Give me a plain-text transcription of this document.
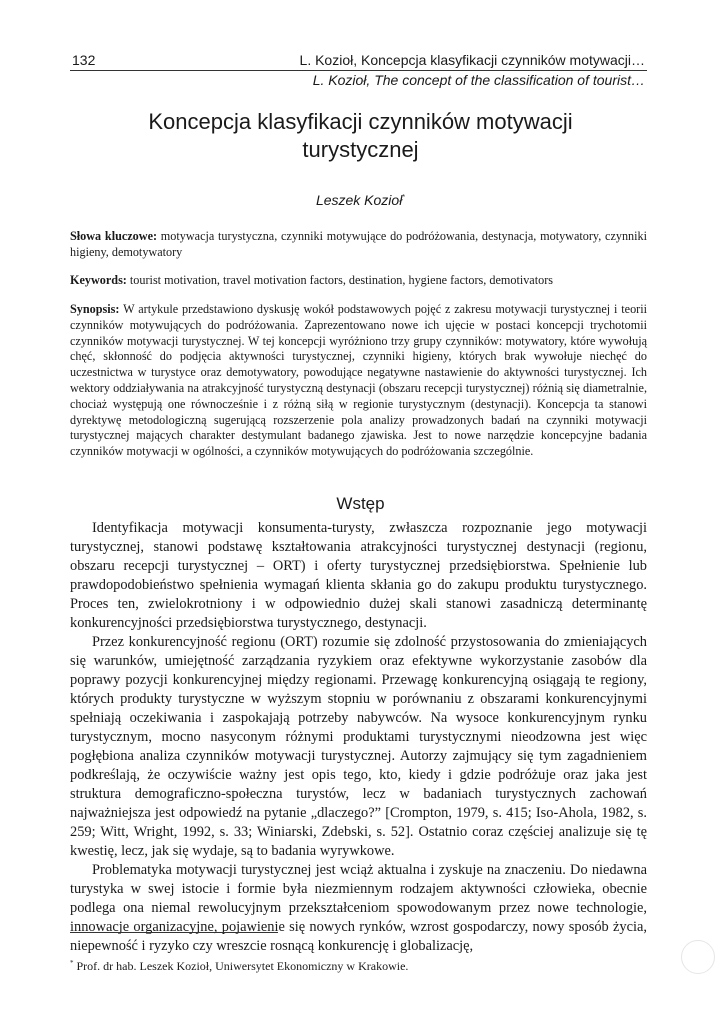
132	L. Kozioł, Koncepcja klasyfikacji czynników motywacji…
L. Kozioł, The concept of the classification of tourist…
Koncepcja klasyfikacji czynników motywacji
turystycznej
Leszek Kozioł*
Słowa kluczowe: motywacja turystyczna, czynniki motywujące do podróżowania, destynacja, motywatory, czynniki higieny, demotywatory
Keywords: tourist motivation, travel motivation factors, destination, hygiene factors, demotivators
Synopsis: W artykule przedstawiono dyskusję wokół podstawowych pojęć z zakresu motywacji turystycznej i teorii czynników motywujących do podróżowania. Zaprezentowano nowe ich ujęcie w postaci koncepcji trychotomii czynników motywacji turystycznej. W tej koncepcji wyróżniono trzy grupy czynników: motywatory, które wywołują chęć, skłonność do podjęcia aktywności turystycznej, czynniki higieny, których brak wywołuje niechęć do uczestnictwa w turystyce oraz demotywatory, powodujące negatywne nastawienie do aktywności turystycznej. Ich wektory oddziaływania na atrakcyjność turystyczną destynacji (obszaru recepcji turystycznej) różnią się diametralnie, chociaż występują one równocześnie i z różną siłą w regionie turystycznym (destynacji). Koncepcja ta stanowi dyrektywę metodologiczną sugerującą rozszerzenie pola analizy prowadzonych badań na czynniki motywacji turystycznej mających charakter destymulant badanego zjawiska. Jest to nowe narzędzie koncepcyjne badania czynników motywacji w ogólności, a czynników motywujących do podróżowania szczególnie.
Wstęp

Identyfikacja motywacji konsumenta-turysty, zwłaszcza rozpoznanie jego motywacji turystycznej, stanowi podstawę kształtowania atrakcyjności turystycznej destynacji (regionu, obszaru recepcji turystycznej – ORT) i oferty turystycznej przedsiębiorstwa. Spełnienie lub prawdopodobieństwo spełnienia wymagań klienta skłania go do zakupu produktu turystycznego. Proces ten, zwielokrotniony i w odpowiednio dużej skali stanowi zasadniczą determinantę konkurencyjności przedsiębiorstwa turystycznego, destynacji.

Przez konkurencyjność regionu (ORT) rozumie się zdolność przystosowania do zmieniających się warunków, umiejętność zarządzania ryzykiem oraz efektywne wykorzystanie zasobów dla poprawy pozycji konkurencyjnej między regionami. Przewagę konkurencyjną osiągają te regiony, których produkty turystyczne w wyższym stopniu w porównaniu z obszarami konkurencyjnymi spełniają oczekiwania i zaspokajają potrzeby nabywców. Na wysoce konkurencyjnym rynku turystycznym, mocno nasyconym różnymi produktami turystycznymi nieodzowna jest więc pogłębiona analiza czynników motywacji turystycznej. Autorzy zajmujący się tym zagadnieniem podkreślają, że oczywiście ważny jest opis tego, kto, kiedy i gdzie podróżuje oraz jaka jest struktura demograficzno-społeczna turystów, lecz w badaniach turystycznych zachowań najważniejsza jest odpowiedź na pytanie „dlaczego?” [Crompton, 1979, s. 415; Iso-Ahola, 1982, s. 259; Witt, Wright, 1992, s. 33; Winiarski, Zdebski, s. 52]. Ostatnio coraz częściej analizuje się tę kwestię, lecz, jak się wydaje, są to badania wyrywkowe.

Problematyka motywacji turystycznej jest wciąż aktualna i zyskuje na znaczeniu. Do niedawna turystyka w swej istocie i formie była niezmiennym rodzajem aktywności człowieka, obecnie podlega ona niemal rewolucyjnym przekształceniom spowodowanym przez nowe technologie, innowacje organizacyjne, pojawienie się nowych rynków, wzrost gospodarczy, nowy sposób życia, niepewność i ryzyko czy wreszcie rosnącą konkurencję i globalizację,

* Prof. dr hab. Leszek Kozioł, Uniwersytet Ekonomiczny w Krakowie.
